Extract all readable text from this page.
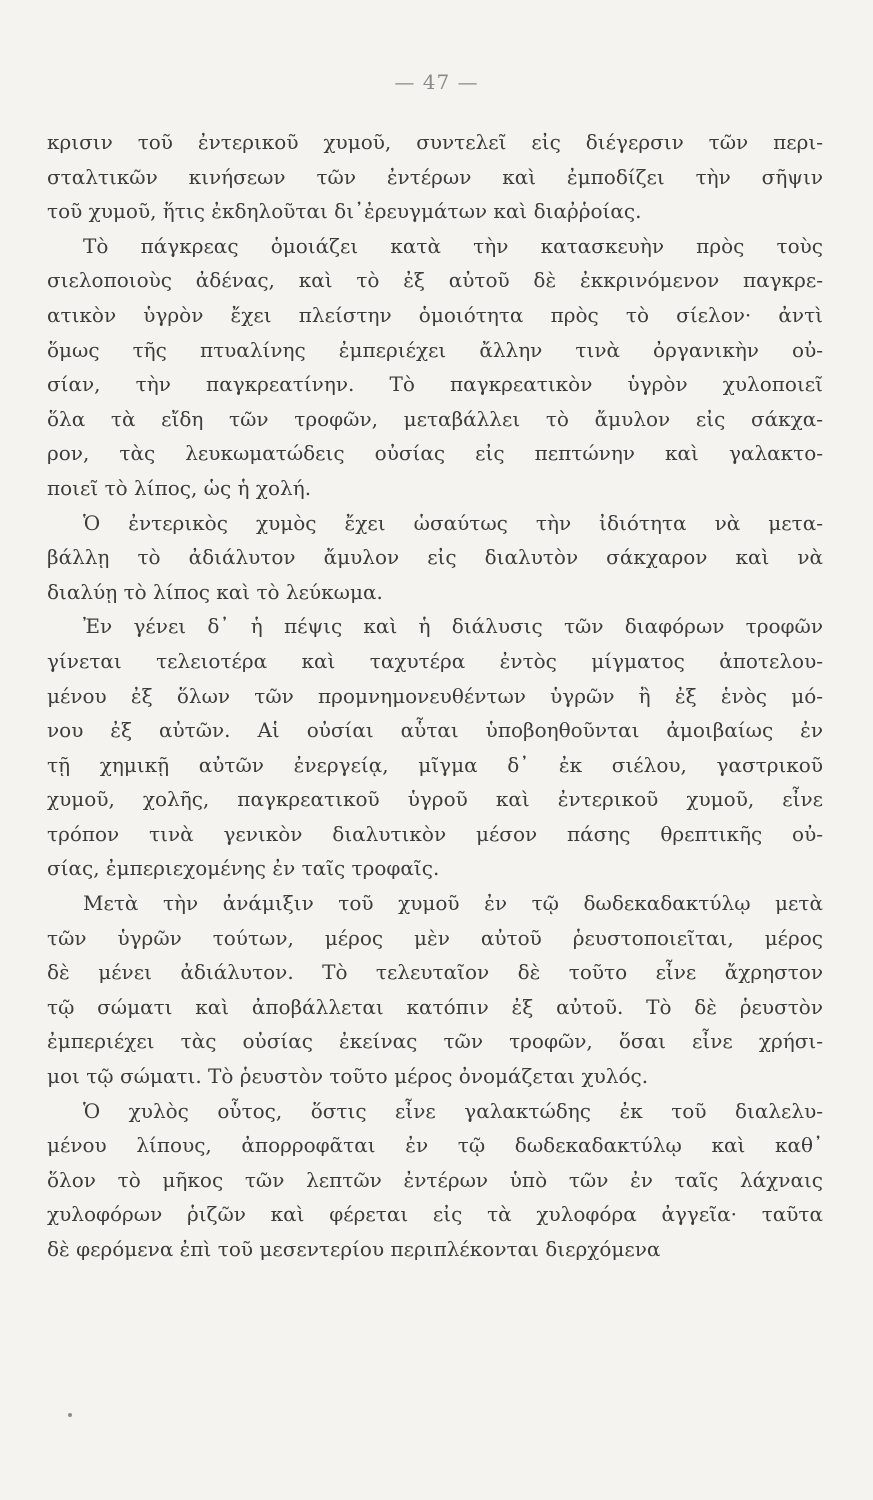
— 47 —
κρισιν τοῦ ἐντερικοῦ χυμοῦ, συντελεῖ εἰς διέγερσιν τῶν περι-
σταλτικῶν κινήσεων τῶν ἐντέρων καὶ ἐμποδίζει τὴν σῆψιν
τοῦ χυμοῦ, ἥτις ἐκδηλοῦται δι᾽ἐρευγμάτων καὶ διαῤῥοίας.
Τὸ πάγκρεας ὁμοιάζει κατὰ τὴν κατασκευὴν πρὸς τοὺς
σιελοποιοὺς ἀδένας, καὶ τὸ ἐξ αὐτοῦ δὲ ἐκκρινόμενον παγκρε-
ατικὸν ὑγρὸν ἔχει πλείστην ὁμοιότητα πρὸς τὸ σίελον· ἀντὶ
ὅμως τῆς πτυαλίνης ἐμπεριέχει ἄλλην τινὰ ὀργανικὴν οὐ-
σίαν, τὴν παγκρεατίνην. Τὸ παγκρεατικὸν ὑγρὸν χυλοποιεῖ
ὅλα τὰ εἴδη τῶν τροφῶν, μεταβάλλει τὸ ἄμυλον εἰς σάκχα-
ρον, τὰς λευκωματώδεις οὐσίας εἰς πεπτώνην καὶ γαλακτο-
ποιεῖ τὸ λίπος, ὡς ἡ χολή.
Ὁ ἐντερικὸς χυμὸς ἔχει ὡσαύτως τὴν ἰδιότητα νὰ μετα-
βάλλῃ τὸ ἀδιάλυτον ἄμυλον εἰς διαλυτὸν σάκχαρον καὶ νὰ
διαλύῃ τὸ λίπος καὶ τὸ λεύκωμα.
Ἐν γένει δ᾽ ἡ πέψις καὶ ἡ διάλυσις τῶν διαφόρων τροφῶν
γίνεται τελειοτέρα καὶ ταχυτέρα ἐντὸς μίγματος ἀποτελου-
μένου ἐξ ὅλων τῶν προμνημονευθέντων ὑγρῶν ἢ ἐξ ἑνὸς μό-
νου ἐξ αὐτῶν. Αἱ οὐσίαι αὗται ὑποβοηθοῦνται ἀμοιβαίως ἐν
τῇ χημικῇ αὐτῶν ἐνεργείᾳ, μῖγμα δ᾽ ἐκ σιέλου, γαστρικοῦ
χυμοῦ, χολῆς, παγκρεατικοῦ ὑγροῦ καὶ ἐντερικοῦ χυμοῦ, εἶνε
τρόπον τινὰ γενικὸν διαλυτικὸν μέσον πάσης θρεπτικῆς οὐ-
σίας, ἐμπεριεχομένης ἐν ταῖς τροφαῖς.
Μετὰ τὴν ἀνάμιξιν τοῦ χυμοῦ ἐν τῷ δωδεκαδακτύλῳ μετὰ
τῶν ὑγρῶν τούτων, μέρος μὲν αὐτοῦ ῥευστοποιεῖται, μέρος
δὲ μένει ἀδιάλυτον. Τὸ τελευταῖον δὲ τοῦτο εἶνε ἄχρηστον
τῷ σώματι καὶ ἀποβάλλεται κατόπιν ἐξ αὐτοῦ. Τὸ δὲ ῥευστὸν
ἐμπεριέχει τὰς οὐσίας ἐκείνας τῶν τροφῶν, ὅσαι εἶνε χρήσι-
μοι τῷ σώματι. Τὸ ῥευστὸν τοῦτο μέρος ὀνομάζεται χυλός.
Ὁ χυλὸς οὗτος, ὅστις εἶνε γαλακτώδης ἐκ τοῦ διαλελυ-
μένου λίπους, ἀπορροφᾶται ἐν τῷ δωδεκαδακτύλῳ καὶ καθ᾽
ὅλον τὸ μῆκος τῶν λεπτῶν ἐντέρων ὑπὸ τῶν ἐν ταῖς λάχναις
χυλοφόρων ῥιζῶν καὶ φέρεται εἰς τὰ χυλοφόρα ἀγγεῖα· ταῦτα
δὲ φερόμενα ἐπὶ τοῦ μεσεντερίου περιπλέκονται διερχόμενα
